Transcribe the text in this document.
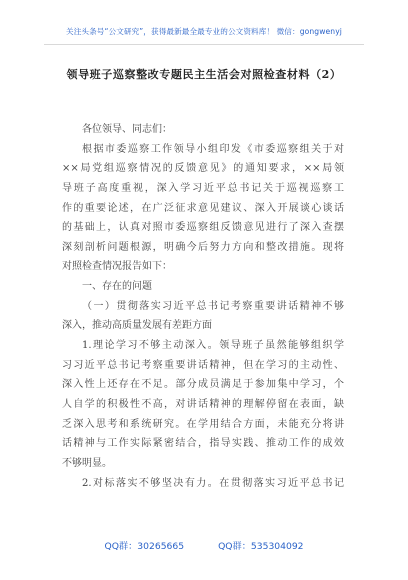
关注头条号“公文研究”，获得最新最全最专业的公文资料库！ 微信：gongwenyj
领导班子巡察整改专题民主生活会对照检查材料（2）
各位领导、同志们：
根据市委巡察工作领导小组印发《市委巡察组关于对
××局党组巡察情况的反馈意见》的通知要求，××局领
导班子高度重视，深入学习近平总书记关于巡视巡察工
作的重要论述，在广泛征求意见建议、深入开展谈心谈话
的基础上，认真对照市委巡察组反馈意见进行了深入查摆
深刻剖析问题根源，明确今后努力方向和整改措施。现将
对照检查情况报告如下：
一、存在的问题
（一）贯彻落实习近平总书记考察重要讲话精神不够
深入，推动高质量发展有差距方面
1.理论学习不够主动深入。领导班子虽然能够组织学
习习近平总书记考察重要讲话精神，但在学习的主动性、
深入性上还存在不足。部分成员满足于参加集中学习，个
人自学的积极性不高，对讲话精神的理解停留在表面，缺
乏深入思考和系统研究。在学用结合方面，未能充分将讲
话精神与工作实际紧密结合，指导实践、推动工作的成效
不够明显。
2.对标落实不够坚决有力。在贯彻落实习近平总书记
QQ群：30265665	QQ群：535304092
